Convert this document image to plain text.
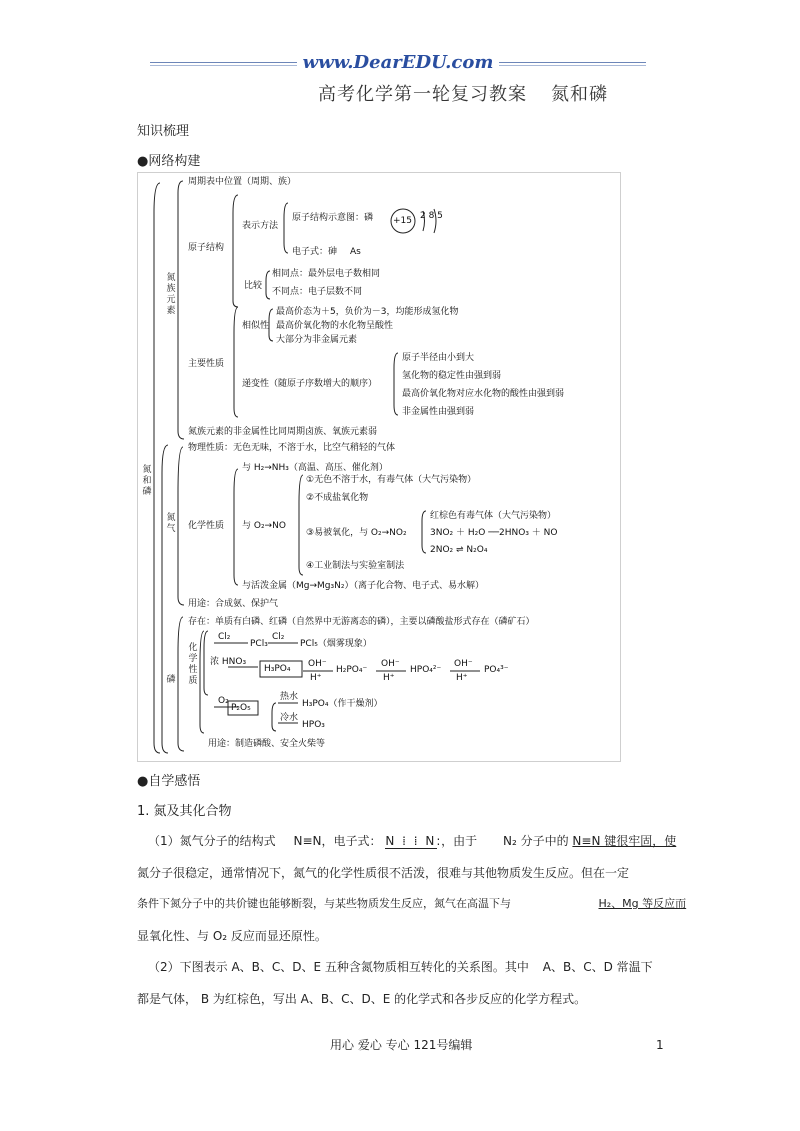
www.DearEDU.com
高考化学第一轮复习教案 氮和磷
知识梳理
●网络构建
氮和磷
氮族元素
氮气
磷
化学性质
周期表中位置（周期、族）
原子结构
表示方法
原子结构示意图：磷 +15 2 8 5
电子式：砷 As
比较
相同点：最外层电子数相同
不同点：电子层数不同
主要性质
相似性
最高价态为＋5，负价为－3，均能形成氢化物
最高价氧化物的水化物呈酸性
大部分为非金属元素
递变性（随原子序数增大的顺序）
原子半径由小到大
氢化物的稳定性由强到弱
最高价氧化物对应水化物的酸性由强到弱
非金属性由强到弱
氮族元素的非金属性比同周期卤族、氧族元素弱
物理性质：无色无味，不溶于水，比空气稍轻的气体
与 H₂→NH₃（高温、高压、催化剂）
化学性质 与 O₂→NO
①无色不溶于水，有毒气体（大气污染物）
②不成盐氧化物
③易被氧化，与 O₂→NO₂
红棕色有毒气体（大气污染物）
3NO₂ ＋ H₂O ──2HNO₃ ＋ NO
2NO₂ ⇌ N₂O₄
④工业制法与实验室制法
与活泼金属（Mg→Mg₃N₂）（离子化合物、电子式、易水解）
用途：合成氨、保护气
存在：单质有白磷、红磷（自然界中无游离态的磷），主要以磷酸盐形式存在（磷矿石）
Cl₂
PCl₃
Cl₂
PCl₅（烟雾现象）
浓 HNO₃
H₃PO₄ OH⁻
H⁺
H₂PO₄⁻
OH⁻
H⁺
HPO₄²⁻
OH⁻
H⁺
PO₄³⁻
O₂
P₂O₅
热水
H₃PO₄（作干燥剂）
冷水
HPO₃
用途：制造磷酸、安全火柴等
●自学感悟
1. 氮及其化合物
（1）氮气分子的结构式 N≡N，电子式： N ⁞ ⁞ N: ，由于 N₂ 分子中的 N≡N 键很牢固，使
氮分子很稳定，通常情况下，氮气的化学性质很不活泼，很难与其他物质发生反应。但在一定
条件下氮分子中的共价键也能够断裂，与某些物质发生反应，氮气在高温下与	H₂、Mg 等反应而
显氧化性、与 O₂ 反应而显还原性。
（2）下图表示 A、B、C、D、E 五种含氮物质相互转化的关系图。其中 A、B、C、D 常温下
都是气体， B 为红棕色，写出 A、B、C、D、E 的化学式和各步反应的化学方程式。
用心 爱心 专心 121号编辑	1
